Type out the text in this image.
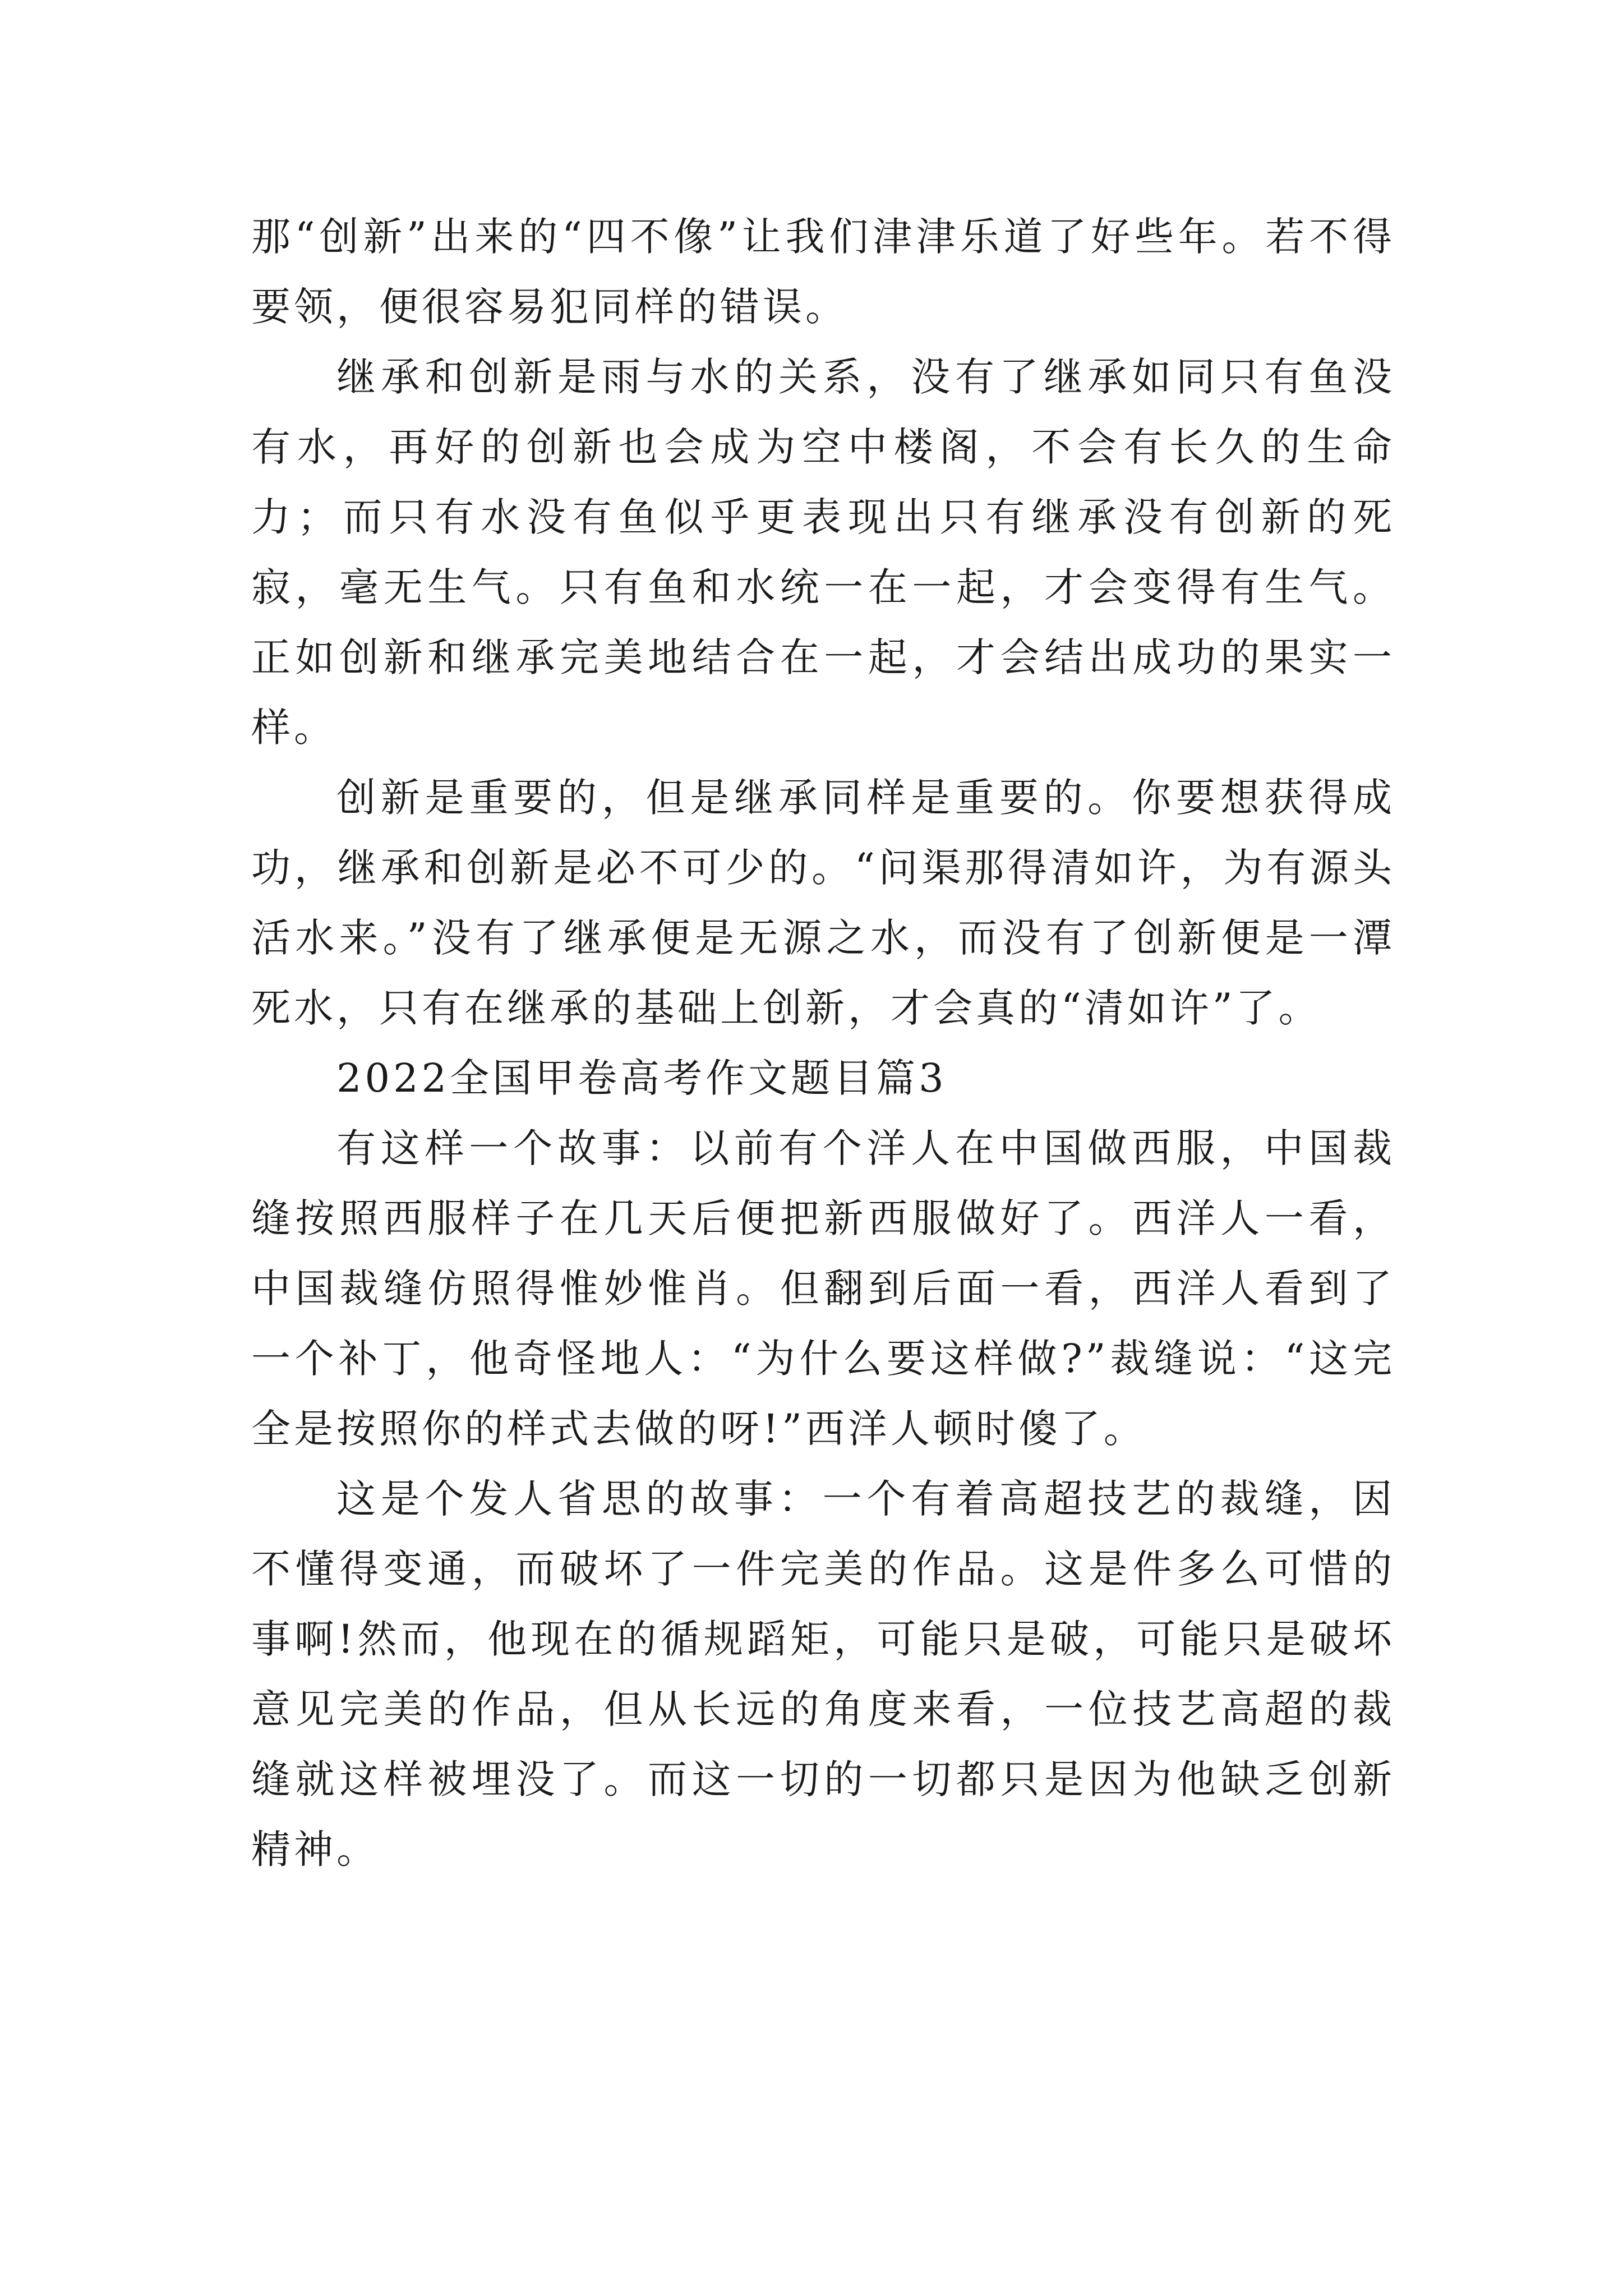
那“创新”出来的“四不像”让我们津津乐道了好些年。若不得要领，便很容易犯同样的错误。

继承和创新是雨与水的关系，没有了继承如同只有鱼没有水，再好的创新也会成为空中楼阁，不会有长久的生命力；而只有水没有鱼似乎更表现出只有继承没有创新的死寂，毫无生气。只有鱼和水统一在一起，才会变得有生气。正如创新和继承完美地结合在一起，才会结出成功的果实一样。

创新是重要的，但是继承同样是重要的。你要想获得成功，继承和创新是必不可少的。“问渠那得清如许，为有源头活水来。”没有了继承便是无源之水，而没有了创新便是一潭死水，只有在继承的基础上创新，才会真的“清如许”了。

2022全国甲卷高考作文题目篇3

有这样一个故事：以前有个洋人在中国做西服，中国裁缝按照西服样子在几天后便把新西服做好了。西洋人一看，中国裁缝仿照得惟妙惟肖。但翻到后面一看，西洋人看到了一个补丁，他奇怪地人：“为什么要这样做?”裁缝说：“这完全是按照你的样式去做的呀!”西洋人顿时傻了。

这是个发人省思的故事：一个有着高超技艺的裁缝，因不懂得变通，而破坏了一件完美的作品。这是件多么可惜的事啊!然而，他现在的循规蹈矩，可能只是破，可能只是破坏意见完美的作品，但从长远的角度来看，一位技艺高超的裁缝就这样被埋没了。而这一切的一切都只是因为他缺乏创新精神。
